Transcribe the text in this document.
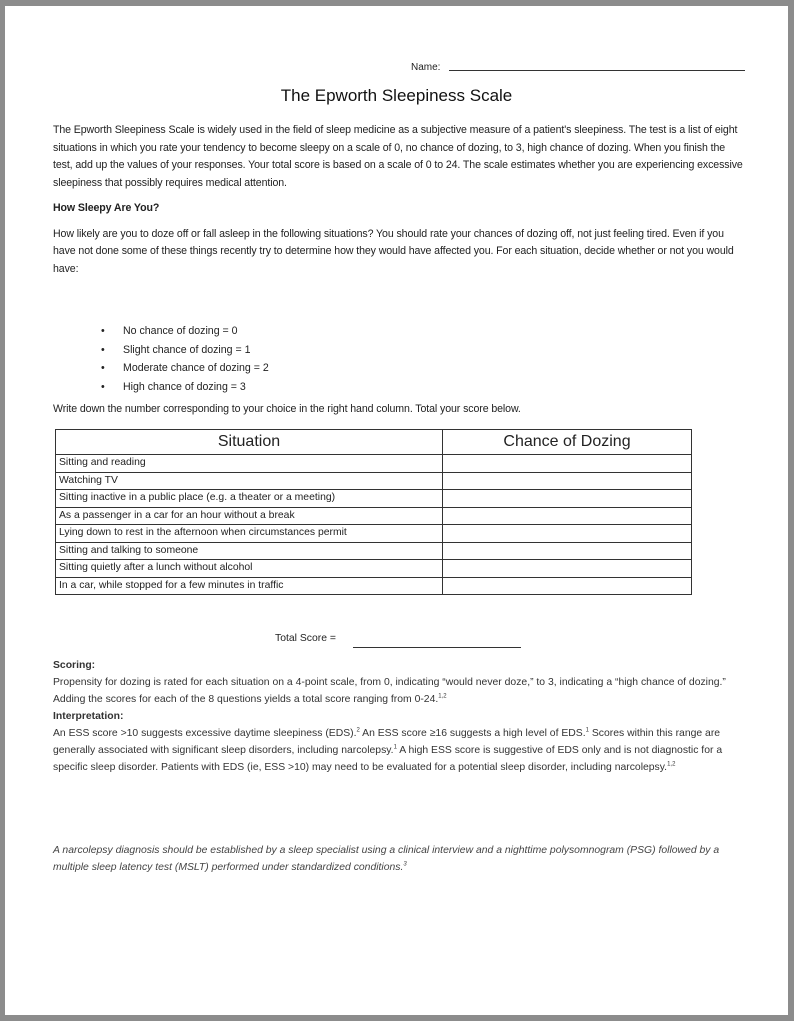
Name:
The Epworth Sleepiness Scale
The Epworth Sleepiness Scale is widely used in the field of sleep medicine as a subjective measure of a patient's sleepiness. The test is a list of eight situations in which you rate your tendency to become sleepy on a scale of 0, no chance of dozing, to 3, high chance of dozing. When you finish the test, add up the values of your responses. Your total score is based on a scale of 0 to 24. The scale estimates whether you are experiencing excessive sleepiness that possibly requires medical attention.
How Sleepy Are You?
How likely are you to doze off or fall asleep in the following situations? You should rate your chances of dozing off, not just feeling tired. Even if you have not done some of these things recently try to determine how they would have affected you. For each situation, decide whether or not you would have:
• No chance of dozing = 0
• Slight chance of dozing = 1
• Moderate chance of dozing = 2
• High chance of dozing = 3
Write down the number corresponding to your choice in the right hand column. Total your score below.
Situation	Chance of Dozing
Sitting and reading	
Watching TV	
Sitting inactive in a public place (e.g. a theater or a meeting)	
As a passenger in a car for an hour without a break	
Lying down to rest in the afternoon when circumstances permit	
Sitting and talking to someone	
Sitting quietly after a lunch without alcohol	
In a car, while stopped for a few minutes in traffic	
Total Score =
Scoring:
Propensity for dozing is rated for each situation on a 4-point scale, from 0, indicating “would never doze,” to 3, indicating a “high chance of dozing.” Adding the scores for each of the 8 questions yields a total score ranging from 0-24.$^{1,2}$
Interpretation:
An ESS score >10 suggests excessive daytime sleepiness (EDS).$^2$ An ESS score ≥16 suggests a high level of EDS.$^1$ Scores within this range are generally associated with significant sleep disorders, including narcolepsy.$^1$ A high ESS score is suggestive of EDS only and is not diagnostic for a specific sleep disorder. Patients with EDS (ie, ESS >10) may need to be evaluated for a potential sleep disorder, including narcolepsy.$^{1,2}$
A narcolepsy diagnosis should be established by a sleep specialist using a clinical interview and a nighttime polysomnogram (PSG) followed by a multiple sleep latency test (MSLT) performed under standardized conditions.$^3$
